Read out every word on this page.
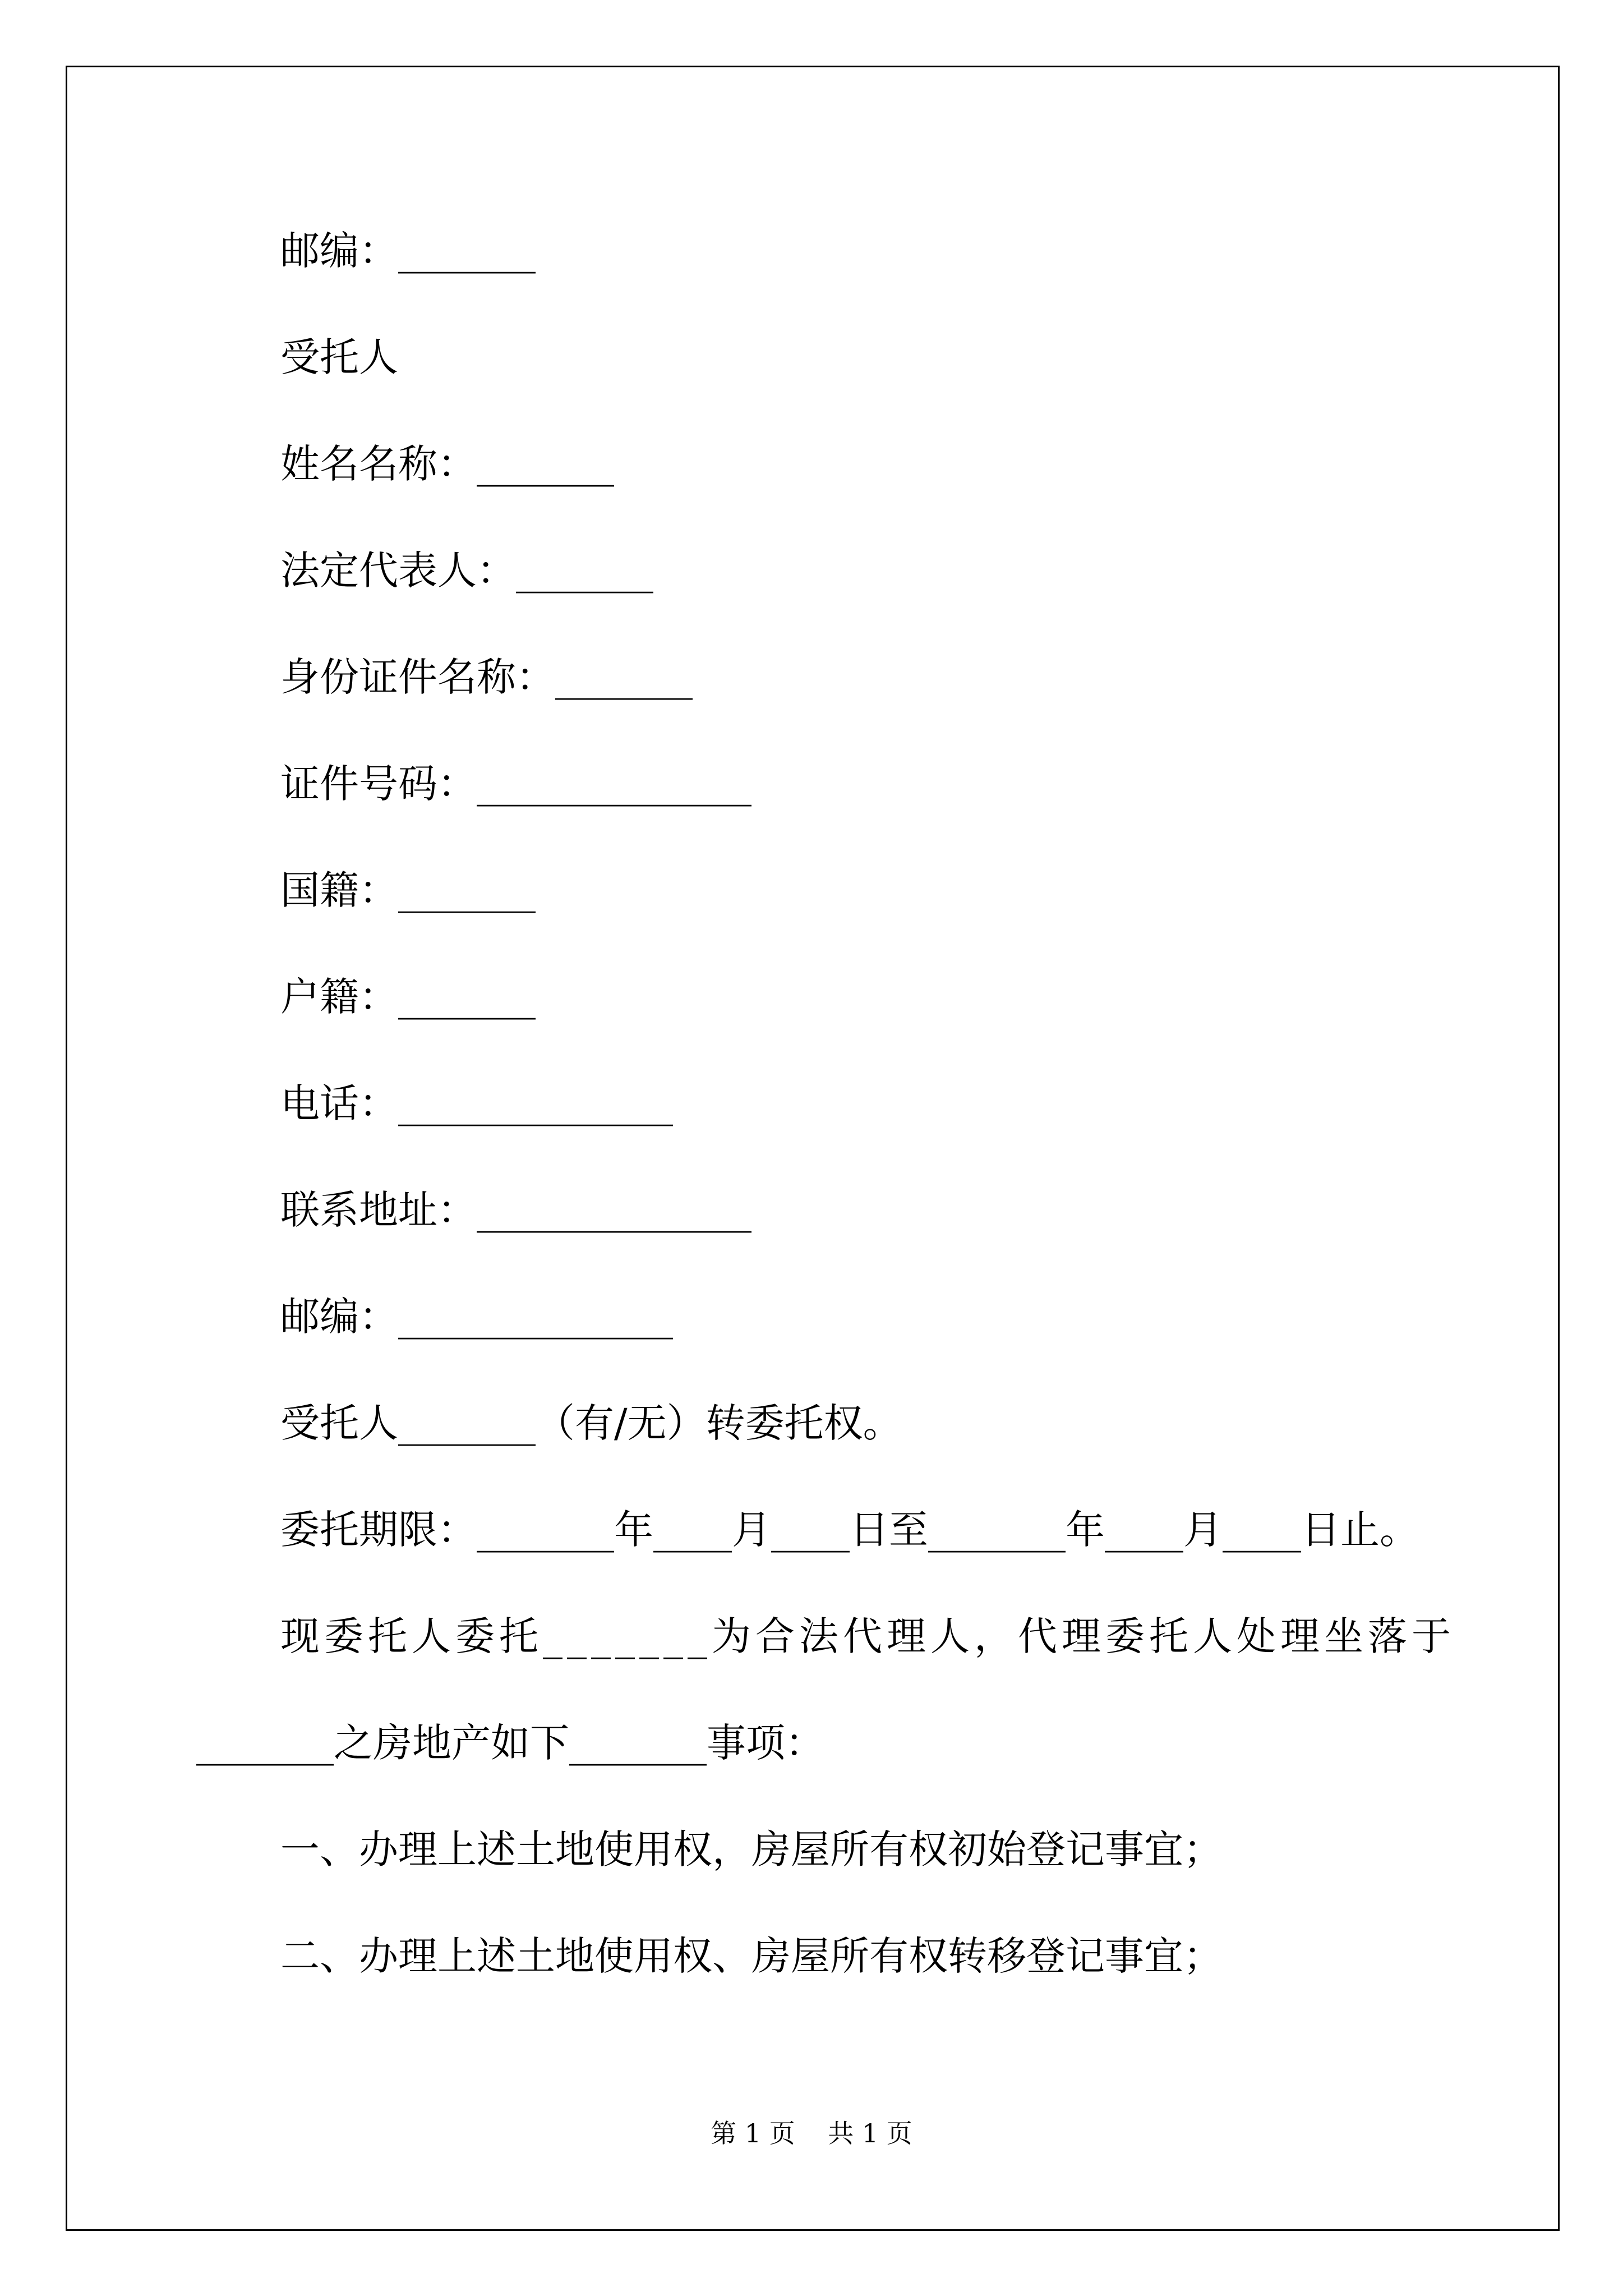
邮编：_______
受托人
姓名名称：_______
法定代表人：_______
身份证件名称：_______
证件号码：______________
国籍：_______
户籍：_______
电话：______________
联系地址：______________
邮编：______________
受托人_______（有/无）转委托权。
委托期限：_______年____月____日至_______年____月____日止。
现委托人委托_______为合法代理人，代理委托人处理坐落于
_______之房地产如下_______事项：
一、办理上述土地使用权，房屋所有权初始登记事宜；
二、办理上述土地使用权、房屋所有权转移登记事宜；
第 1 页    共 1 页
